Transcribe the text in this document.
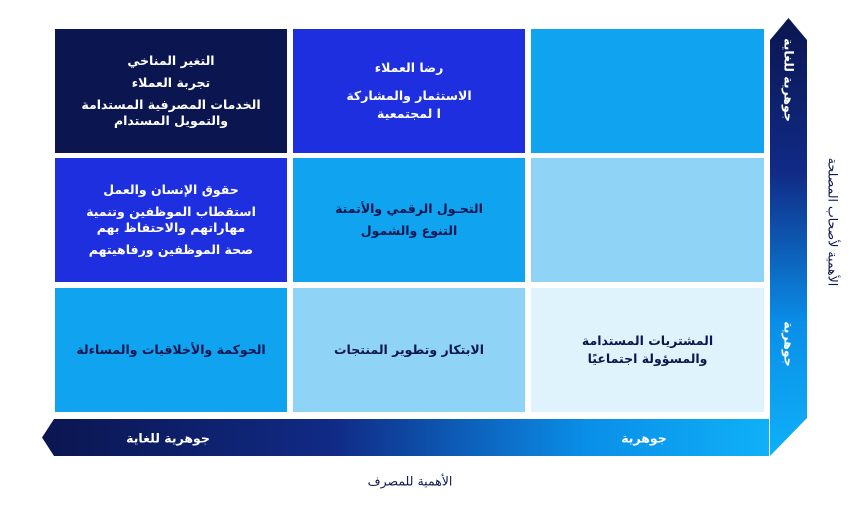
التغير المناخي
تجربة العملاء
الخدمات المصرفية المستدامة
والتمويل المستدام
رضا العملاء
الاستثمار والمشاركة
ا لمجتمعية
حقوق الإنسان والعمل
استقطاب الموظفين وتنمية
مهاراتهم والاحتفاظ بهم
صحة الموظفين ورفاهيتهم
التحـول الرقمي والأتمتة
التنوع والشمول
الحوكمة والأخلاقيات والمساءلة	الابتكار وتطوير المنتجات
المشتريات المستدامة
والمسؤولة اجتماعيًا
جوهرية للغاية
جوهرية
الأهمية لأصحاب المصلحة
جوهرية للغاية	جوهرية
الأهمية للمصرف
